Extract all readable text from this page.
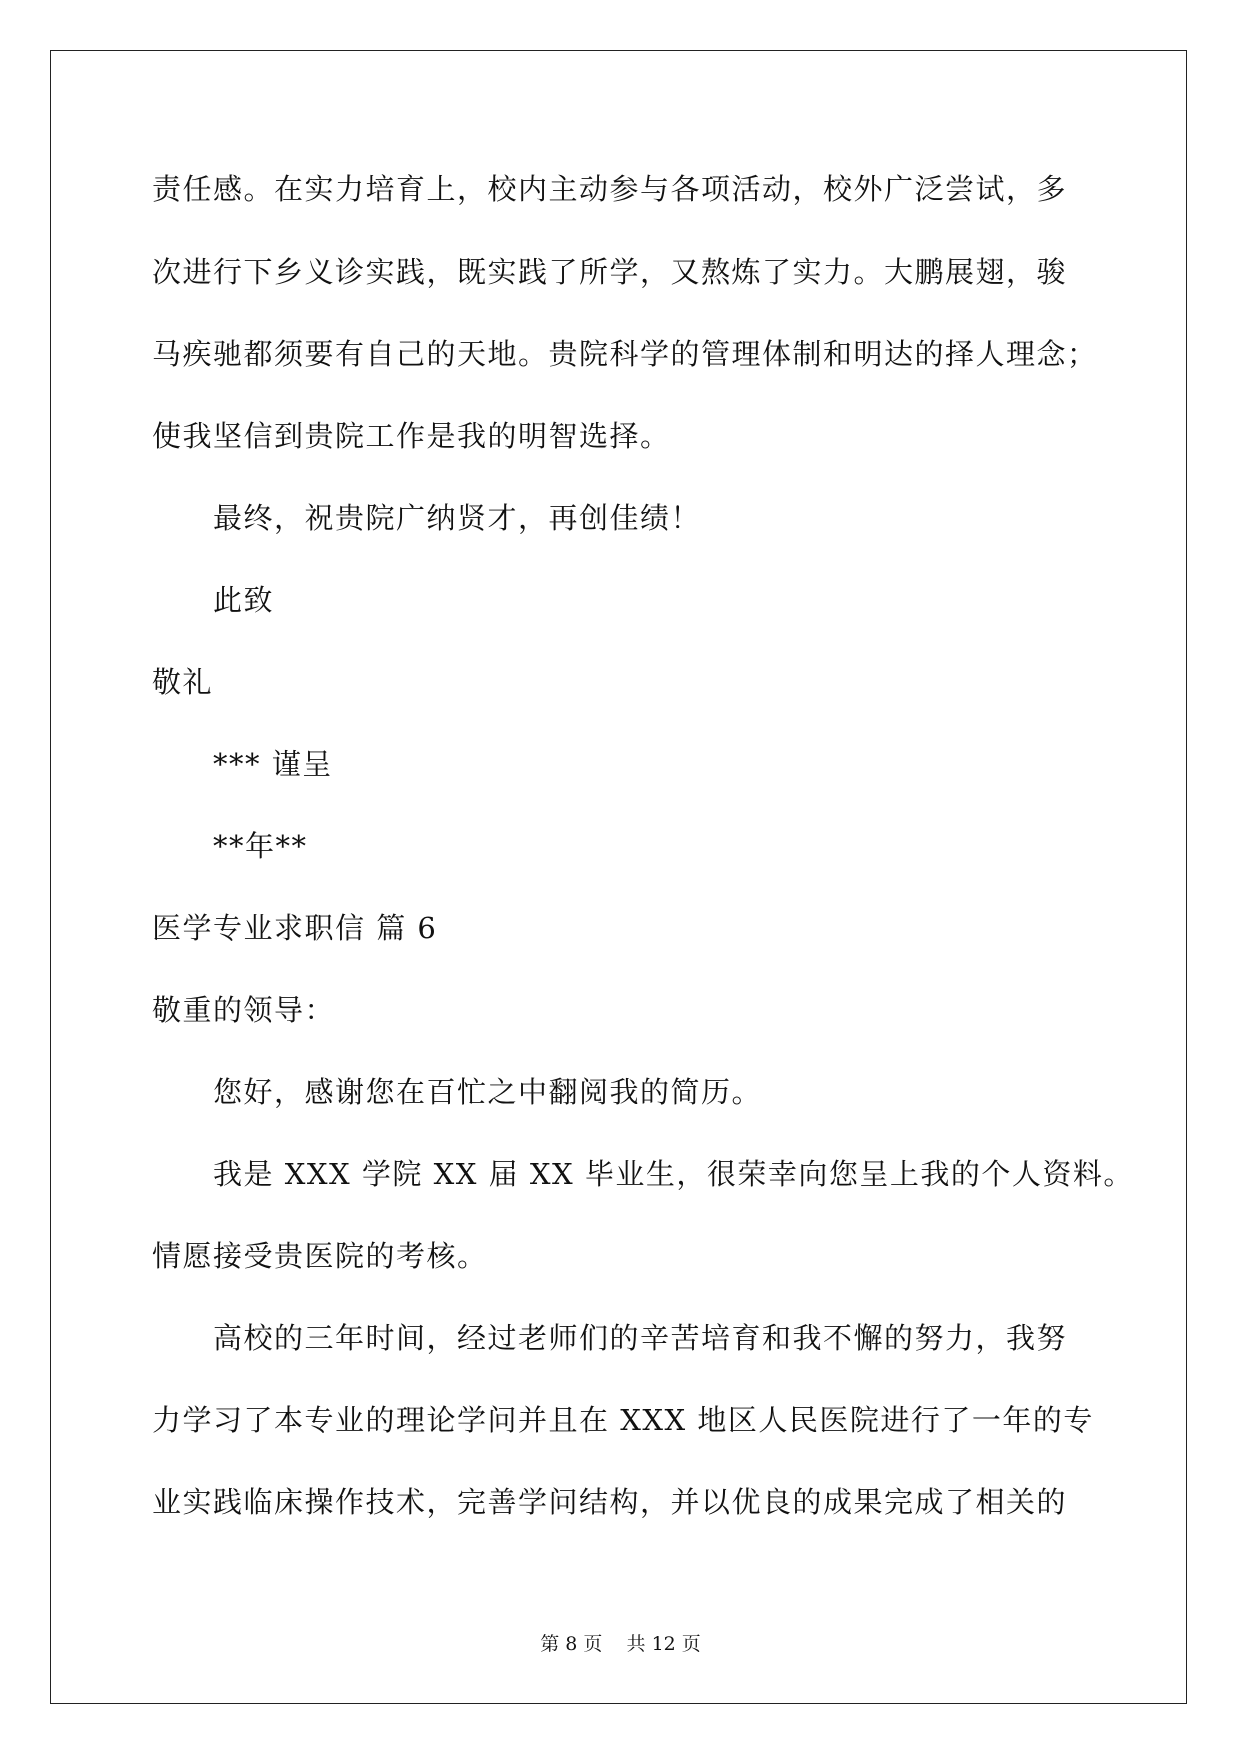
责任感。在实力培育上，校内主动参与各项活动，校外广泛尝试，多
次进行下乡义诊实践，既实践了所学，又熬炼了实力。大鹏展翅，骏
马疾驰都须要有自己的天地。贵院科学的管理体制和明达的择人理念；
使我坚信到贵院工作是我的明智选择。
最终，祝贵院广纳贤才，再创佳绩！
此致
敬礼
*** 谨呈
**年**
医学专业求职信 篇 6
敬重的领导：
您好，感谢您在百忙之中翻阅我的简历。
我是 XXX 学院 XX 届 XX 毕业生，很荣幸向您呈上我的个人资料。
情愿接受贵医院的考核。
高校的三年时间，经过老师们的辛苦培育和我不懈的努力，我努
力学习了本专业的理论学问并且在 XXX 地区人民医院进行了一年的专
业实践临床操作技术，完善学问结构，并以优良的成果完成了相关的
第 8 页    共 12 页
